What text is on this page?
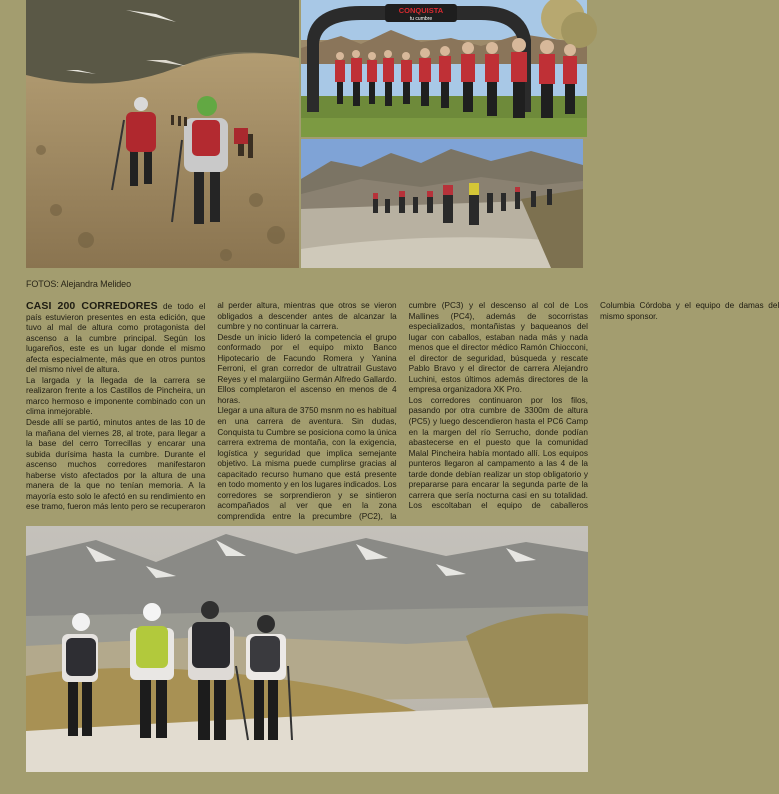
CONQUISTA
tu cumbre
FOTOS: Alejandra Melideo

CASI 200 CORREDORES de todo el país estuvieron presentes en esta edición, que tuvo al mal de altura como protagonista del ascenso a la cumbre principal. Según los lugareños, este es un lugar donde el mismo afecta especialmente, más que en otros puntos del mismo nivel de altura.

La largada y la llegada de la carrera se realizaron frente a los Castillos de Pincheira, un marco hermoso e imponente combinado con un clima inmejorable.

Desde allí se partió, minutos antes de las 10 de la mañana del viernes 28, al trote, para llegar a la base del cerro Torrecillas y encarar una subida durísima hasta la cumbre. Durante el ascenso muchos corredores manifestaron haberse visto afectados por la altura de una manera de la que no tenían memoria. A la mayoría esto solo le afectó en su rendimiento en ese tramo, fueron más lento pero se recuperaron al perder altura, mientras que otros se vieron obligados a descender antes de alcanzar la cumbre y no continuar la carrera.

Desde un inicio lideró la competencia el grupo conformado por el equipo mixto Banco Hipotecario de Facundo Romera y Yanina Ferroni, el gran corredor de ultratrail Gustavo Reyes y el malargüino Germán Alfredo Gallardo. Ellos completaron el ascenso en menos de 4 horas.

Llegar a una altura de 3750 msnm no es habitual en una carrera de aventura. Sin dudas, Conquista tu Cumbre se posiciona como la única carrera extrema de montaña, con la exigencia, logística y seguridad que implica semejante objetivo. La misma puede cumplirse gracias al capacitado recurso humano que está presente en todo momento y en los lugares indicados. Los corredores se sorprendieron y se sintieron acompañados al ver que en la zona comprendida entre la precumbre (PC2), la cumbre (PC3) y el descenso al col de Los Mallines (PC4), además de socorristas especializados, montañistas y baqueanos del lugar con caballos, estaban nada más y nada menos que el director médico Ramón Chiocconi, el director de seguridad, búsqueda y rescate Pablo Bravo y el director de carrera Alejandro Luchini, estos últimos además directores de la empresa organizadora XK Pro.

Los corredores continuaron por los filos, pasando por otra cumbre de 3300m de altura (PC5) y luego descendieron hasta el PC6 Camp en la margen del río Serrucho, donde podían abastecerse en el puesto que la comunidad Malal Pincheira había montado allí. Los equipos punteros llegaron al campamento a las 4 de la tarde donde debían realizar un stop obligatorio y prepararse para encarar la segunda parte de la carrera que sería nocturna casi en su totalidad. Los escoltaban el equipo de caballeros Columbia Córdoba y el equipo de damas del mismo sponsor.
